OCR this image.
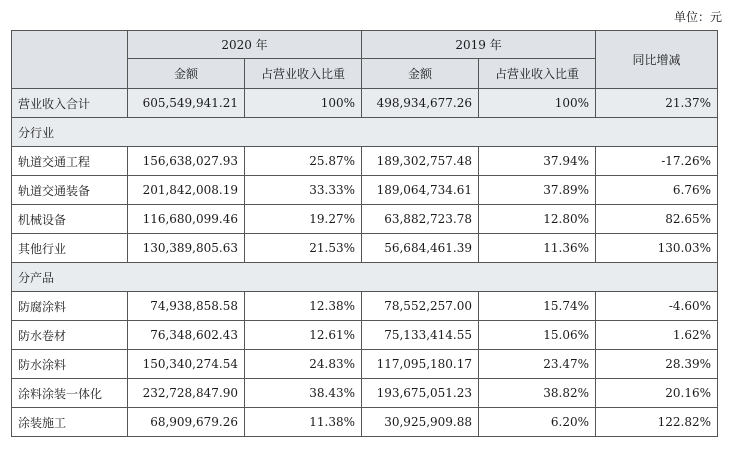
单位：元
	2020 年		2019 年		同比增减
	金额	占营业收入比重	金额	占营业收入比重	
营业收入合计	605,549,941.21	100%	498,934,677.26	100%	21.37%
分行业					
轨道交通工程	156,638,027.93	25.87%	189,302,757.48	37.94%	-17.26%
轨道交通装备	201,842,008.19	33.33%	189,064,734.61	37.89%	6.76%
机械设备	116,680,099.46	19.27%	63,882,723.78	12.80%	82.65%
其他行业	130,389,805.63	21.53%	56,684,461.39	11.36%	130.03%
分产品					
防腐涂料	74,938,858.58	12.38%	78,552,257.00	15.74%	-4.60%
防水卷材	76,348,602.43	12.61%	75,133,414.55	15.06%	1.62%
防水涂料	150,340,274.54	24.83%	117,095,180.17	23.47%	28.39%
涂料涂装一体化	232,728,847.90	38.43%	193,675,051.23	38.82%	20.16%
涂装施工	68,909,679.26	11.38%	30,925,909.88	6.20%	122.82%
